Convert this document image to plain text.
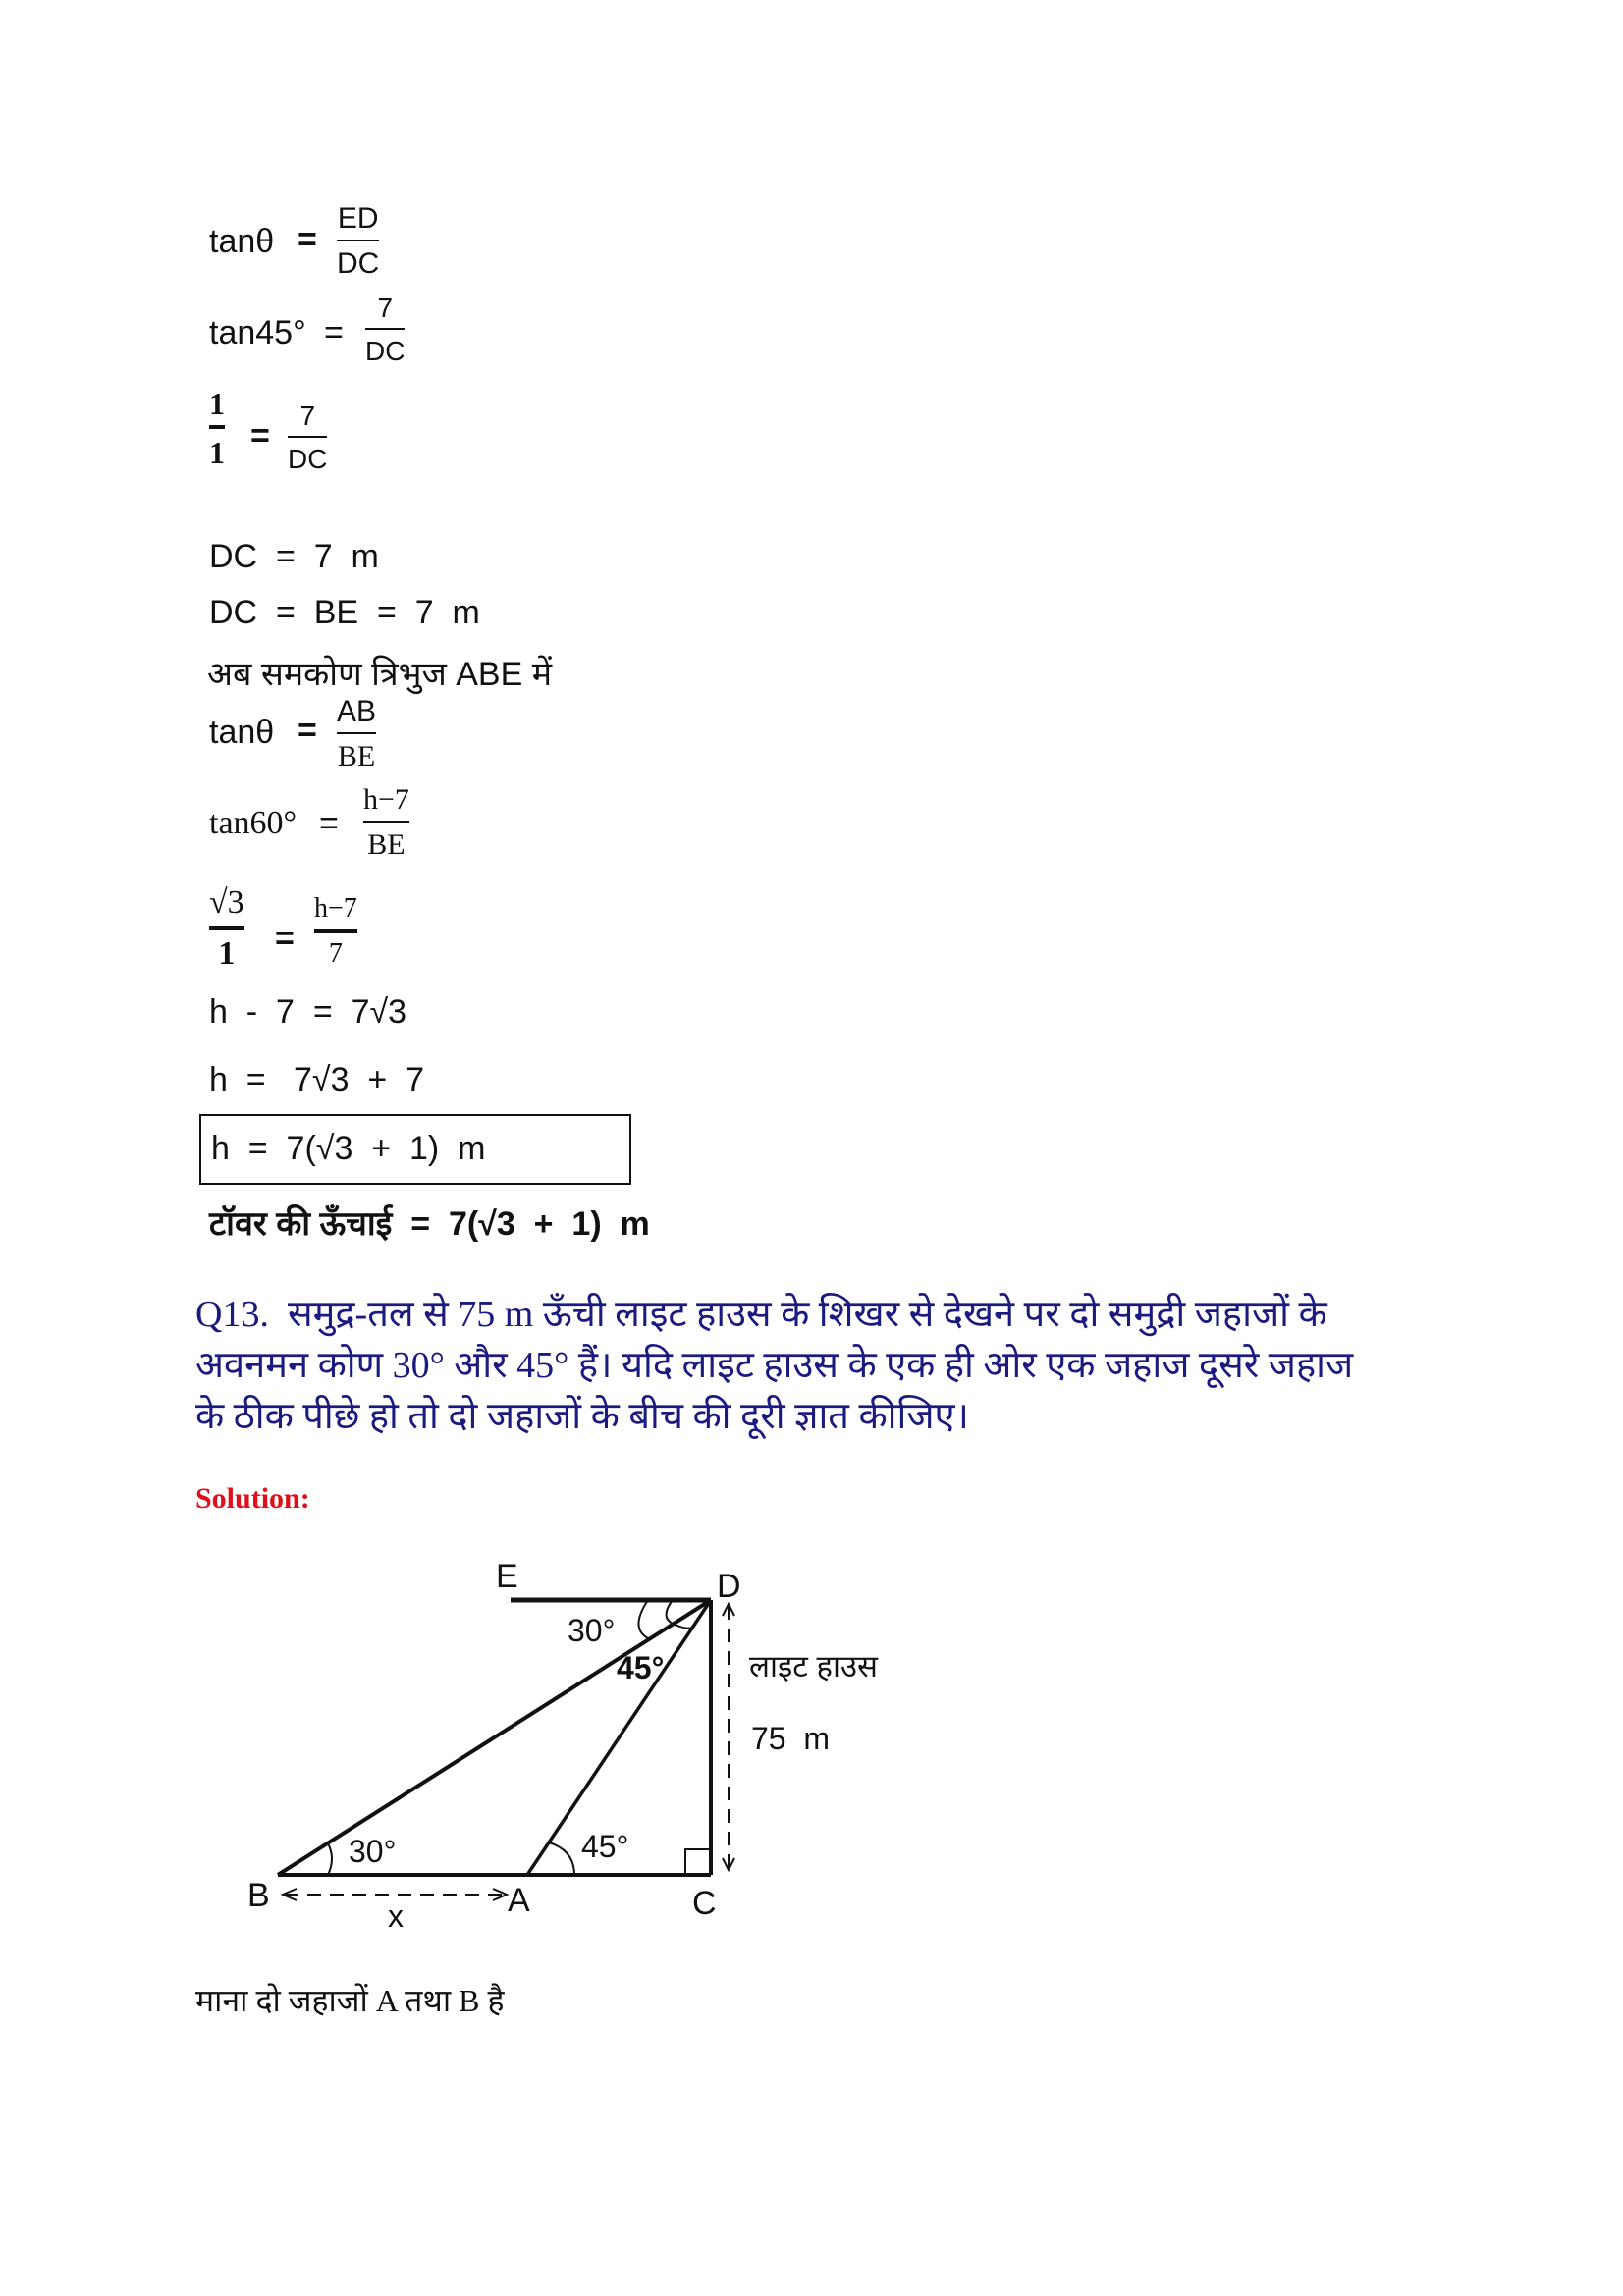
tanθ =
ED
DC
tan45° =
7
DC
1
1 =
7
DC
DC  =  7  m
DC  =  BE  =  7  m
अब समकोण त्रिभुज ABE में
tanθ =
AB
BE
tan60° =
h−7
BE
√3
1 =
h−7
7
h  -  7  =  7√3
h  =   7√3  +  7
h  =  7(√3  +  1)  m
टॉवर की ऊँचाई  =  7(√3  +  1)  m
Q13. समुद्र-तल से 75 m ऊँची लाइट हाउस के शिखर से देखने पर दो समुद्री जहाजों के
अवनमन कोण 30° और 45° हैं। यदि लाइट हाउस के एक ही ओर एक जहाज दूसरे जहाज
के ठीक पीछे हो तो दो जहाजों के बीच की दूरी ज्ञात कीजिए।
Solution:
E	D
B	A	C
30°
45°
30°	45°
x
लाइट हाउस
75  m
माना दो जहाजों A तथा B है
